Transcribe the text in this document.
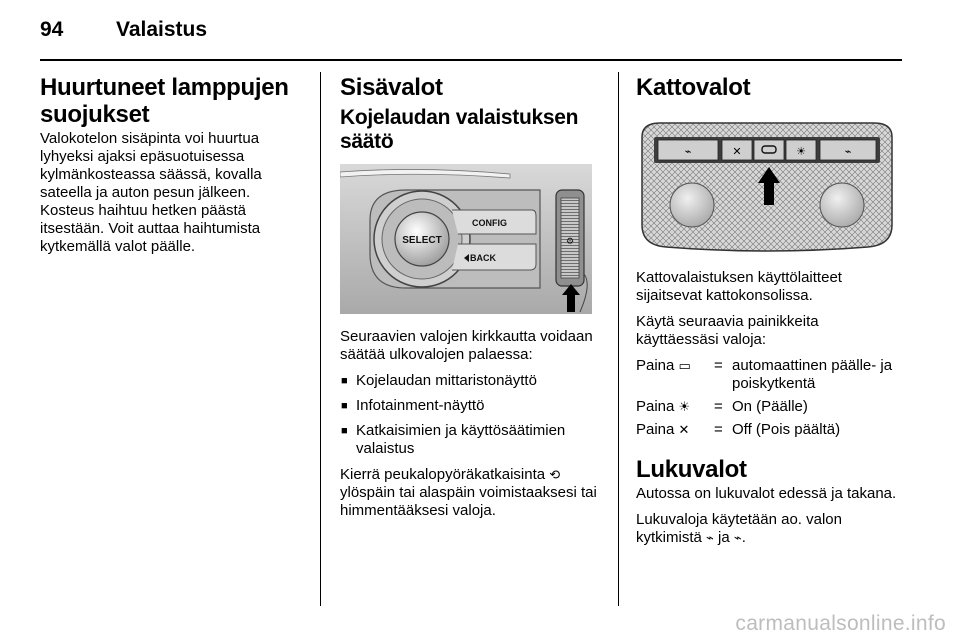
94	Valaistus
Huurtuneet lamppujen suojukset

Valokotelon sisäpinta voi huurtua lyhyeksi ajaksi epäsuotuisessa kylmänkosteassa säässä, kovalla sateella ja auton pesun jälkeen. Kosteus haihtuu hetken päästä itsestään. Voit auttaa haihtumista kytkemällä valot päälle.

Sisävalot
Kojelaudan valaistuksen säätö
SELECT
CONFIG
BACK
⚙

Seuraavien valojen kirkkautta voidaan säätää ulkovalojen palaessa:

■ Kojelaudan mittaristonäyttö
■ Infotainment-näyttö
■ Katkaisimien ja käyttösäätimien valaistus

Kierrä peukalopyöräkatkaisinta ⟲ ylöspäin tai alaspäin voimistaaksesi tai himmentääksesi valoja.

Kattovalot
⌁	✕	☀	⌁

Kattovalaistuksen käyttölaitteet sijaitsevat kattokonsolissa.

Käytä seuraavia painikkeita käyttäessäsi valoja:

Paina ▭	=	automaattinen päälle- ja poiskytkentä
Paina ☀	=	On (Päälle)
Paina ✕	=	Off (Pois päältä)
Lukuvalot

Autossa on lukuvalot edessä ja takana.

Lukuvaloja käytetään ao. valon kytkimistä ⌁ ja ⌁.

carmanualsonline.info
